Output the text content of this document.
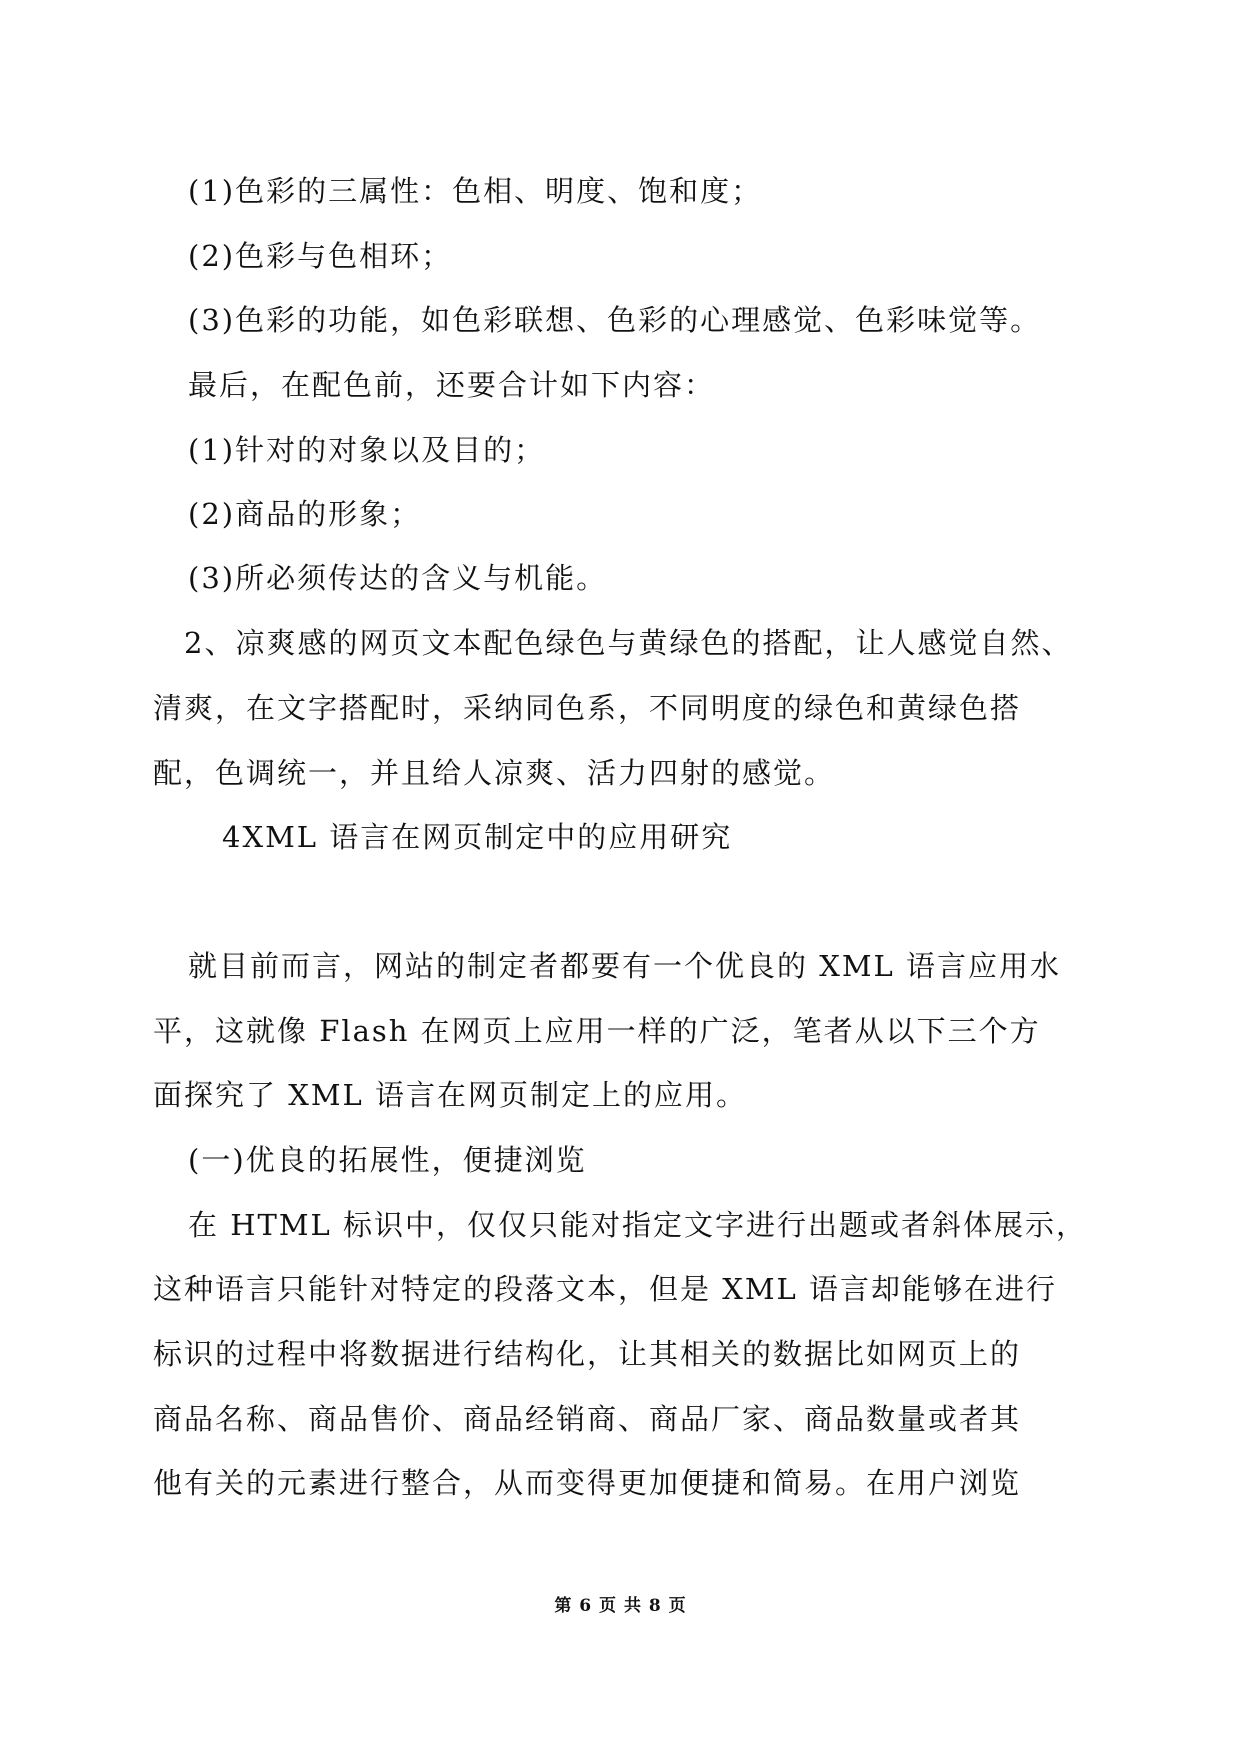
(1)色彩的三属性：色相、明度、饱和度；
(2)色彩与色相环；
(3)色彩的功能，如色彩联想、色彩的心理感觉、色彩味觉等。
最后，在配色前，还要合计如下内容：
(1)针对的对象以及目的；
(2)商品的形象；
(3)所必须传达的含义与机能。
2、凉爽感的网页文本配色绿色与黄绿色的搭配，让人感觉自然、
清爽，在文字搭配时，采纳同色系，不同明度的绿色和黄绿色搭
配，色调统一，并且给人凉爽、活力四射的感觉。
4XML 语言在网页制定中的应用研究
就目前而言，网站的制定者都要有一个优良的 XML 语言应用水
平，这就像 Flash 在网页上应用一样的广泛，笔者从以下三个方
面探究了 XML 语言在网页制定上的应用。
(一)优良的拓展性，便捷浏览
在 HTML 标识中，仅仅只能对指定文字进行出题或者斜体展示，
这种语言只能针对特定的段落文本，但是 XML 语言却能够在进行
标识的过程中将数据进行结构化，让其相关的数据比如网页上的
商品名称、商品售价、商品经销商、商品厂家、商品数量或者其
他有关的元素进行整合，从而变得更加便捷和简易。在用户浏览
第 6 页 共 8 页
